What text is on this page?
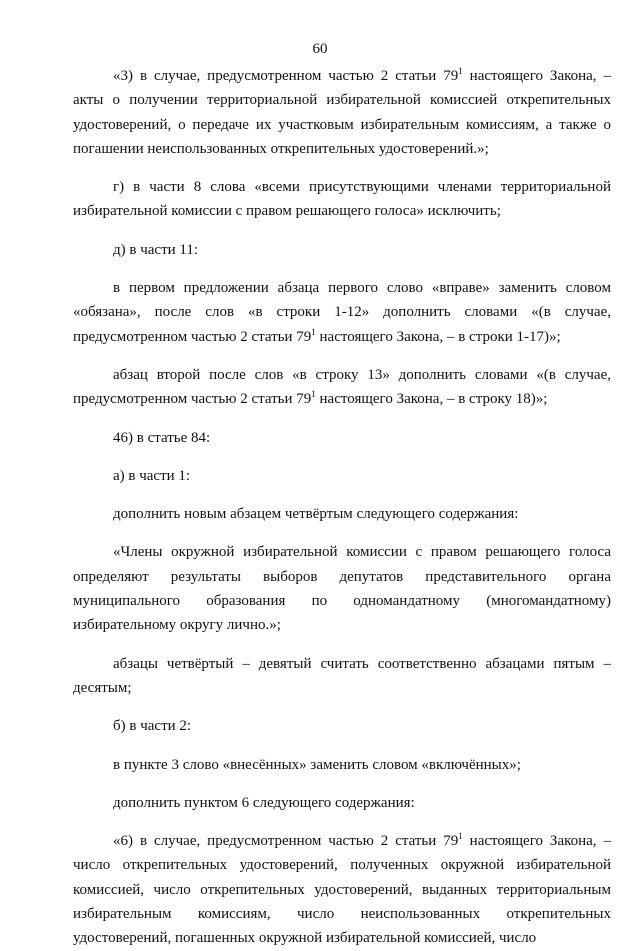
60

«3) в случае, предусмотренном частью 2 статьи $79^1$ настоящего Закона, – акты о получении территориальной избирательной комиссией открепительных удостоверений, о передаче их участковым избирательным комиссиям, а также о погашении неиспользованных открепительных удостоверений.»;

г) в части 8 слова «всеми присутствующими членами территориальной избирательной комиссии с правом решающего голоса» исключить;

д) в части 11:

в первом предложении абзаца первого слово «вправе» заменить словом «обязана», после слов «в строки 1-12» дополнить словами «(в случае, предусмотренном частью 2 статьи $79^1$ настоящего Закона, – в строки 1-17)»;

абзац второй после слов «в строку 13» дополнить словами «(в случае, предусмотренном частью 2 статьи $79^1$ настоящего Закона, – в строку 18)»;

46) в статье 84:

а) в части 1:

дополнить новым абзацем четвёртым следующего содержания:

«Члены окружной избирательной комиссии с правом решающего голоса определяют результаты выборов депутатов представительного органа муниципального образования по одномандатному (многомандатному) избирательному округу лично.»;

абзацы четвёртый – девятый считать соответственно абзацами пятым – десятым;

б) в части 2:

в пункте 3 слово «внесённых» заменить словом «включённых»;

дополнить пунктом 6 следующего содержания:

«6) в случае, предусмотренном частью 2 статьи $79^1$ настоящего Закона, – число открепительных удостоверений, полученных окружной избирательной комиссией, число открепительных удостоверений, выданных территориальным избирательным комиссиям, число неиспользованных открепительных удостоверений, погашенных окружной избирательной комиссией, число
